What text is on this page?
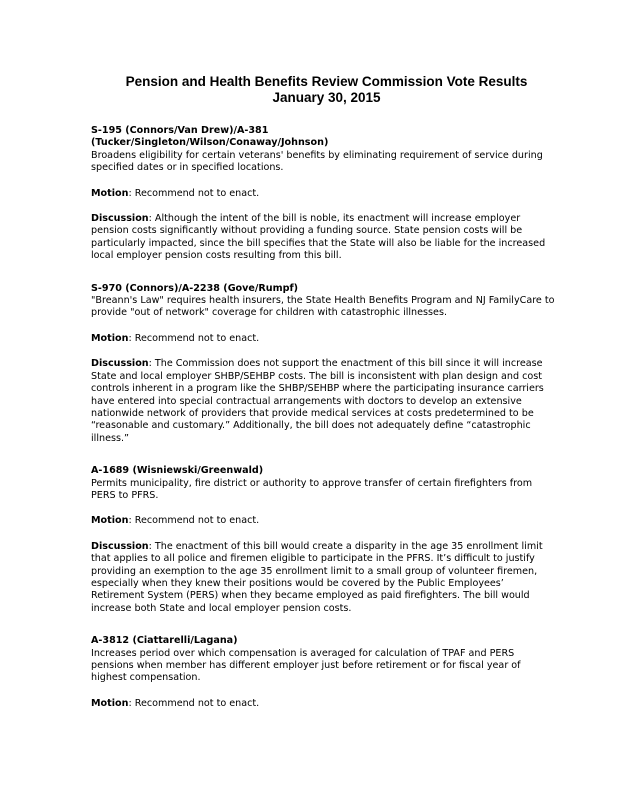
Pension and Health Benefits Review Commission Vote Results
January 30, 2015
S-195 (Connors/Van Drew)/A-381
(Tucker/Singleton/Wilson/Conaway/Johnson)

Broadens eligibility for certain veterans' benefits by eliminating requirement of service during specified dates or in specified locations.

Motion: Recommend not to enact.

Discussion: Although the intent of the bill is noble, its enactment will increase employer pension costs significantly without providing a funding source. State pension costs will be particularly impacted, since the bill specifies that the State will also be liable for the increased local employer pension costs resulting from this bill.

S-970 (Connors)/A-2238 (Gove/Rumpf)

"Breann's Law" requires health insurers, the State Health Benefits Program and NJ FamilyCare to provide "out of network" coverage for children with catastrophic illnesses.

Motion: Recommend not to enact.

Discussion: The Commission does not support the enactment of this bill since it will increase State and local employer SHBP/SEHBP costs. The bill is inconsistent with plan design and cost controls inherent in a program like the SHBP/SEHBP where the participating insurance carriers have entered into special contractual arrangements with doctors to develop an extensive nationwide network of providers that provide medical services at costs predetermined to be “reasonable and customary.” Additionally, the bill does not adequately define “catastrophic illness.”

A-1689 (Wisniewski/Greenwald)

Permits municipality, fire district or authority to approve transfer of certain firefighters from PERS to PFRS.

Motion: Recommend not to enact.

Discussion: The enactment of this bill would create a disparity in the age 35 enrollment limit that applies to all police and firemen eligible to participate in the PFRS. It’s difficult to justify providing an exemption to the age 35 enrollment limit to a small group of volunteer firemen, especially when they knew their positions would be covered by the Public Employees’ Retirement System (PERS) when they became employed as paid firefighters. The bill would increase both State and local employer pension costs.

A-3812 (Ciattarelli/Lagana)

Increases period over which compensation is averaged for calculation of TPAF and PERS pensions when member has different employer just before retirement or for fiscal year of highest compensation.

Motion: Recommend not to enact.
